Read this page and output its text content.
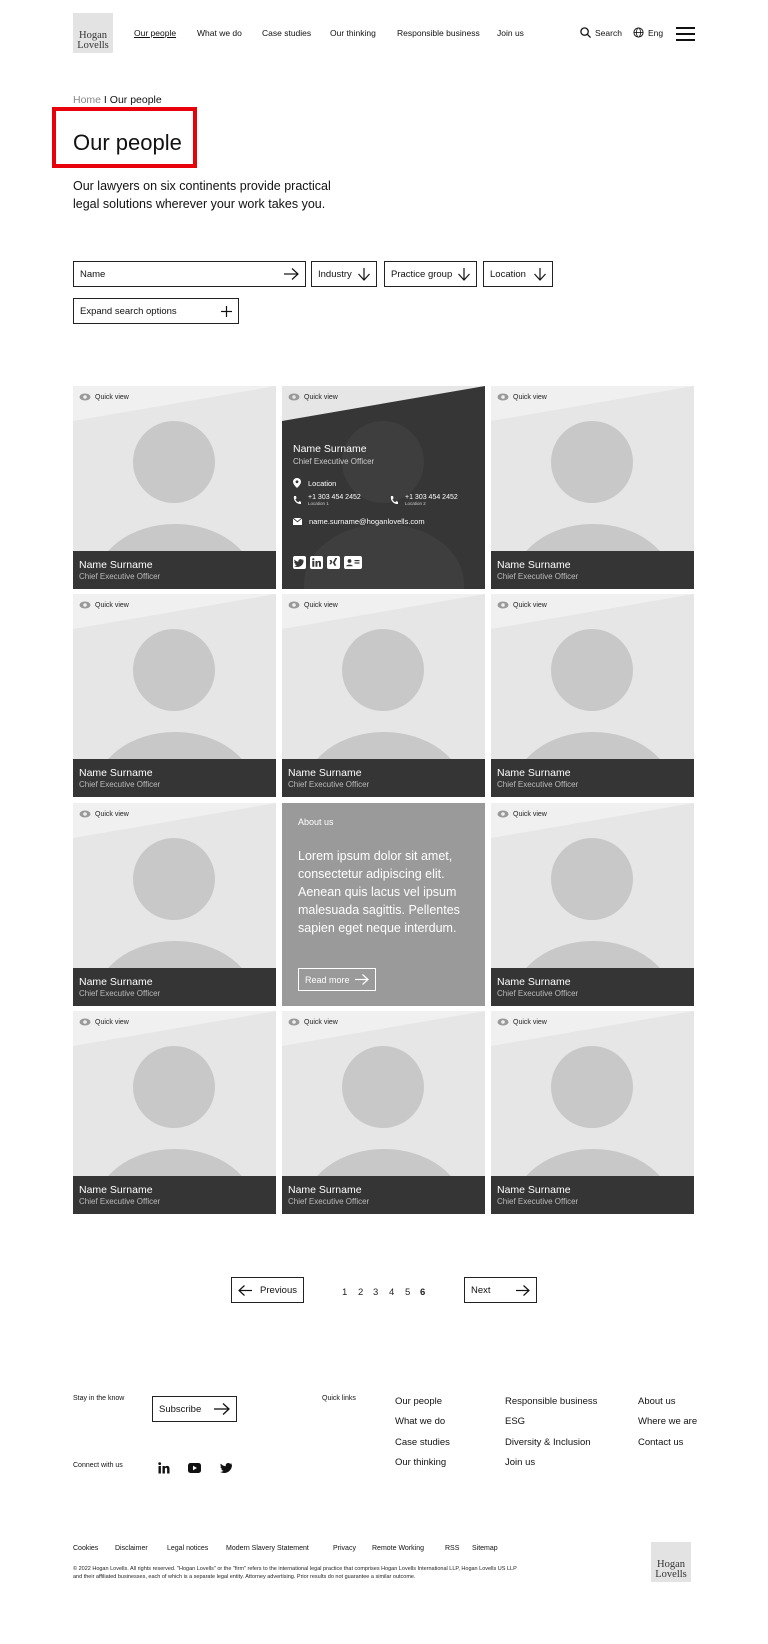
Hogan
Lovells
Our people What we do Case studies Our thinking Responsible business Join us	Search	Eng
Home I Our people
Our people
Our lawyers on six continents provide practical legal solutions wherever your work takes you.
Name	Industry	Practice group	Location
Expand search options
Quick view
Name Surname
Chief Executive Officer
Quick view
Name Surname
Chief Executive Officer
Quick view
Name Surname
Chief Executive Officer
Quick view
Name Surname
Chief Executive Officer
Quick view
Name Surname
Chief Executive Officer
Quick view
Name Surname
Chief Executive Officer
Quick view
Name Surname
Chief Executive Officer
Quick view
Name Surname
Chief Executive Officer
Quick view
Name Surname
Chief Executive Officer
Quick view
Name Surname
Chief Executive Officer
Quick view
Name Surname
Chief Executive Officer
Location
+1 303 454 2452
Location 1
+1 303 454 2452
Location 2
name.surname@hoganlovells.com
About us
Lorem ipsum dolor sit amet, consectetur adipiscing elit. Aenean quis lacus vel ipsum malesuada sagittis. Pellentes sapien eget neque interdum.
Read more
Previous	1 2 3 4 5 6	Next
Stay in the know
Subscribe
Connect with us
Quick links	Our people
What we do
Case studies
Our thinking
Responsible business
ESG
Diversity & Inclusion
Join us
About us
Where we are
Contact us
Cookies Disclaimer	Legal notices	Modern Slavery Statement	Privacy Remote Working	RSS Sitemap
© 2022 Hogan Lovells. All rights reserved. "Hogan Lovells" or the "firm" refers to the international legal practice that comprises Hogan Lovells International LLP, Hogan Lovells US LLP and their affiliated businesses, each of which is a separate legal entity. Attorney advertising. Prior results do not guarantee a similar outcome.
Hogan
Lovells
